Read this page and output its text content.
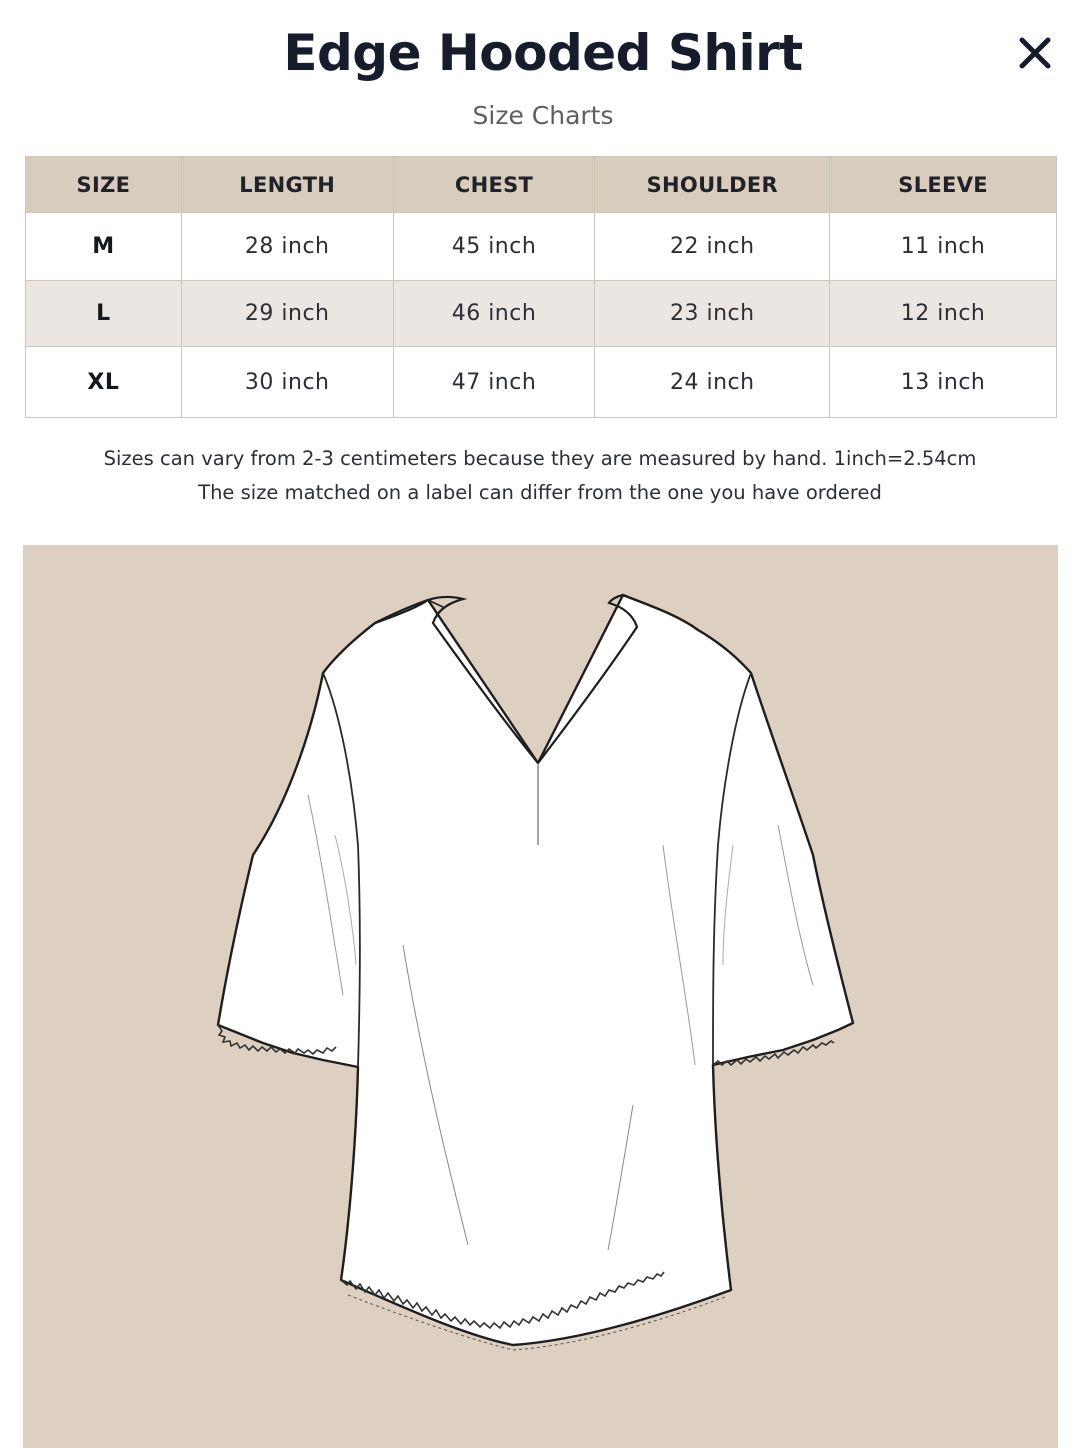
Edge Hooded Shirt
Size Charts
SIZE	LENGTH	CHEST	SHOULDER	SLEEVE
M	28 inch	45 inch	22 inch	11 inch
L	29 inch	46 inch	23 inch	12 inch
XL	30 inch	47 inch	24 inch	13 inch
Sizes can vary from 2-3 centimeters because they are measured by hand. 1inch=2.54cm
The size matched on a label can differ from the one you have ordered
